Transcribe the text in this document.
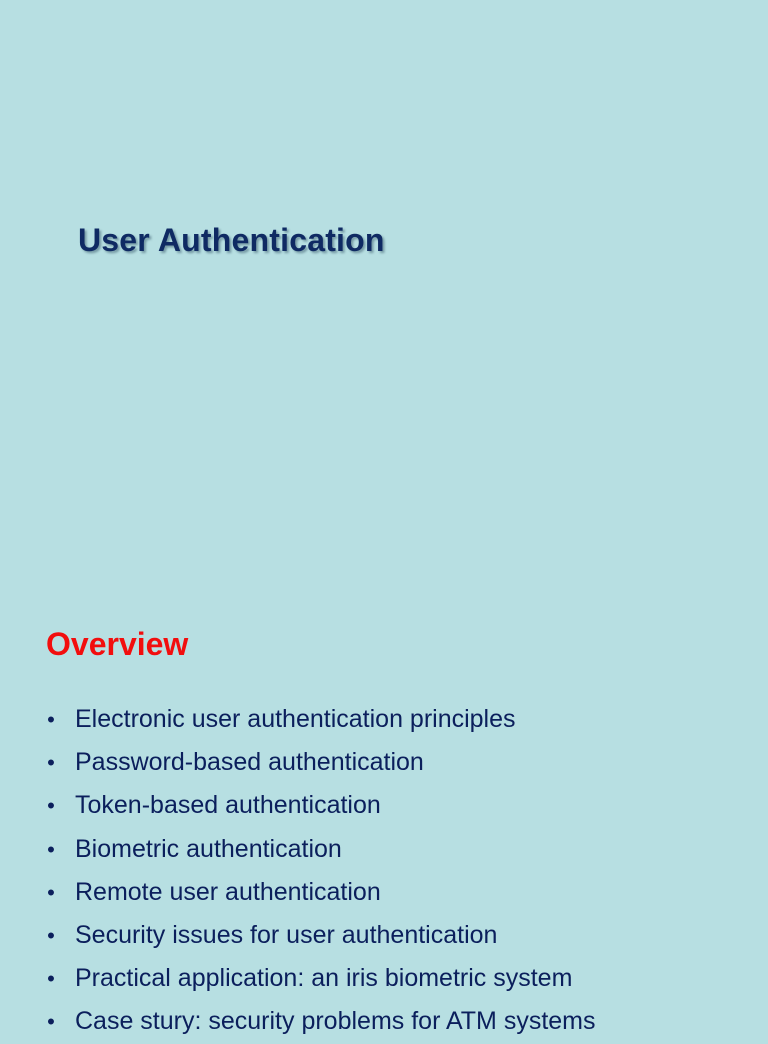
User Authentication
Overview
• Electronic user authentication principles
• Password-based authentication
• Token-based authentication
• Biometric authentication
• Remote user authentication
• Security issues for user authentication
• Practical application: an iris biometric system
• Case stury: security problems for ATM systems
